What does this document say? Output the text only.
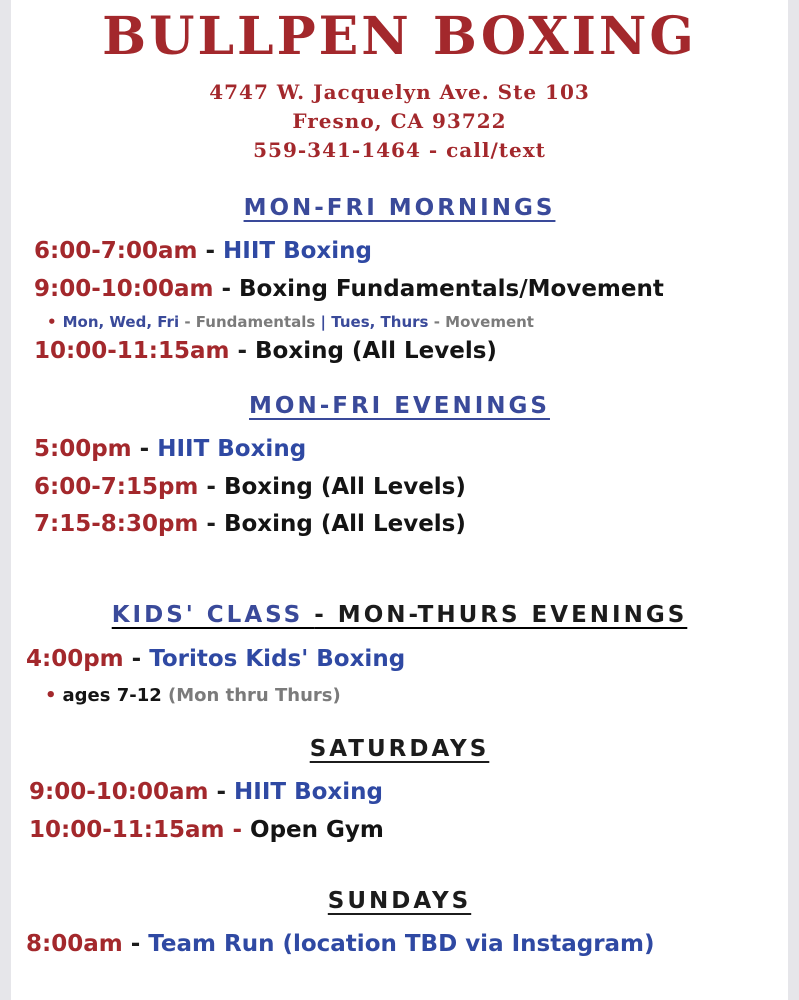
BULLPEN BOXING
4747 W. Jacquelyn Ave. Ste 103
Fresno, CA 93722
559-341-1464 - call/text
MON-FRI MORNINGS
6:00-7:00am - HIIT Boxing
9:00-10:00am - Boxing Fundamentals/Movement
• Mon, Wed, Fri - Fundamentals | Tues, Thurs - Movement
10:00-11:15am - Boxing (All Levels)
MON-FRI EVENINGS
5:00pm - HIIT Boxing
6:00-7:15pm - Boxing (All Levels)
7:15-8:30pm - Boxing (All Levels)
KIDS' CLASS - MON-THURS EVENINGS
4:00pm - Toritos Kids' Boxing
• ages 7-12 (Mon thru Thurs)
SATURDAYS
9:00-10:00am - HIIT Boxing
10:00-11:15am - Open Gym
SUNDAYS
8:00am - Team Run (location TBD via Instagram)
